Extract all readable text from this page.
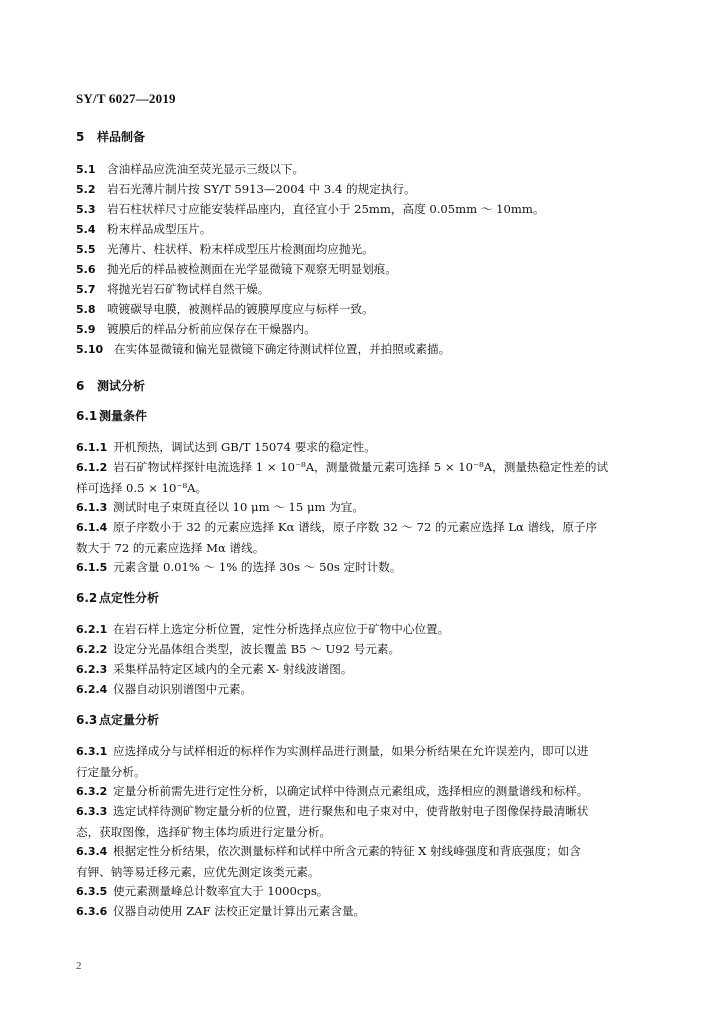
SY/T 6027—2019
5 样品制备
5.1 含油样品应洗油至荧光显示三级以下。
5.2 岩石光薄片制片按 SY/T 5913—2004 中 3.4 的规定执行。
5.3 岩石柱状样尺寸应能安装样品座内，直径宜小于 25mm，高度 0.05mm ～ 10mm。
5.4 粉末样品成型压片。
5.5 光薄片、柱状样、粉末样成型压片检测面均应抛光。
5.6 抛光后的样品被检测面在光学显微镜下观察无明显划痕。
5.7 将抛光岩石矿物试样自然干燥。
5.8 喷镀碳导电膜，被测样品的镀膜厚度应与标样一致。
5.9 镀膜后的样品分析前应保存在干燥器内。
5.10 在实体显微镜和偏光显微镜下确定待测试样位置，并拍照或素描。
6 测试分析
6.1 测量条件
6.1.1 开机预热，调试达到 GB/T 15074 要求的稳定性。
6.1.2 岩石矿物试样探针电流选择 1 × 10⁻⁸A，测量微量元素可选择 5 × 10⁻⁸A，测量热稳定性差的试
样可选择 0.5 × 10⁻⁸A。
6.1.3 测试时电子束斑直径以 10 μm ～ 15 μm 为宜。
6.1.4 原子序数小于 32 的元素应选择 Kα 谱线，原子序数 32 ～ 72 的元素应选择 Lα 谱线，原子序
数大于 72 的元素应选择 Mα 谱线。
6.1.5 元素含量 0.01% ～ 1% 的选择 30s ～ 50s 定时计数。
6.2 点定性分析
6.2.1 在岩石样上选定分析位置，定性分析选择点应位于矿物中心位置。
6.2.2 设定分光晶体组合类型，波长覆盖 B5 ～ U92 号元素。
6.2.3 采集样品特定区域内的全元素 X- 射线波谱图。
6.2.4 仪器自动识别谱图中元素。
6.3 点定量分析
6.3.1 应选择成分与试样相近的标样作为实测样品进行测量，如果分析结果在允许误差内，即可以进
行定量分析。
6.3.2 定量分析前需先进行定性分析，以确定试样中待测点元素组成，选择相应的测量谱线和标样。
6.3.3 选定试样待测矿物定量分析的位置，进行聚焦和电子束对中，使背散射电子图像保持最清晰状
态，获取图像，选择矿物主体均质进行定量分析。
6.3.4 根据定性分析结果，依次测量标样和试样中所含元素的特征 X 射线峰强度和背底强度；如含
有钾、钠等易迁移元素，应优先测定该类元素。
6.3.5 使元素测量峰总计数率宜大于 1000cps。
6.3.6 仪器自动使用 ZAF 法校正定量计算出元素含量。
2
